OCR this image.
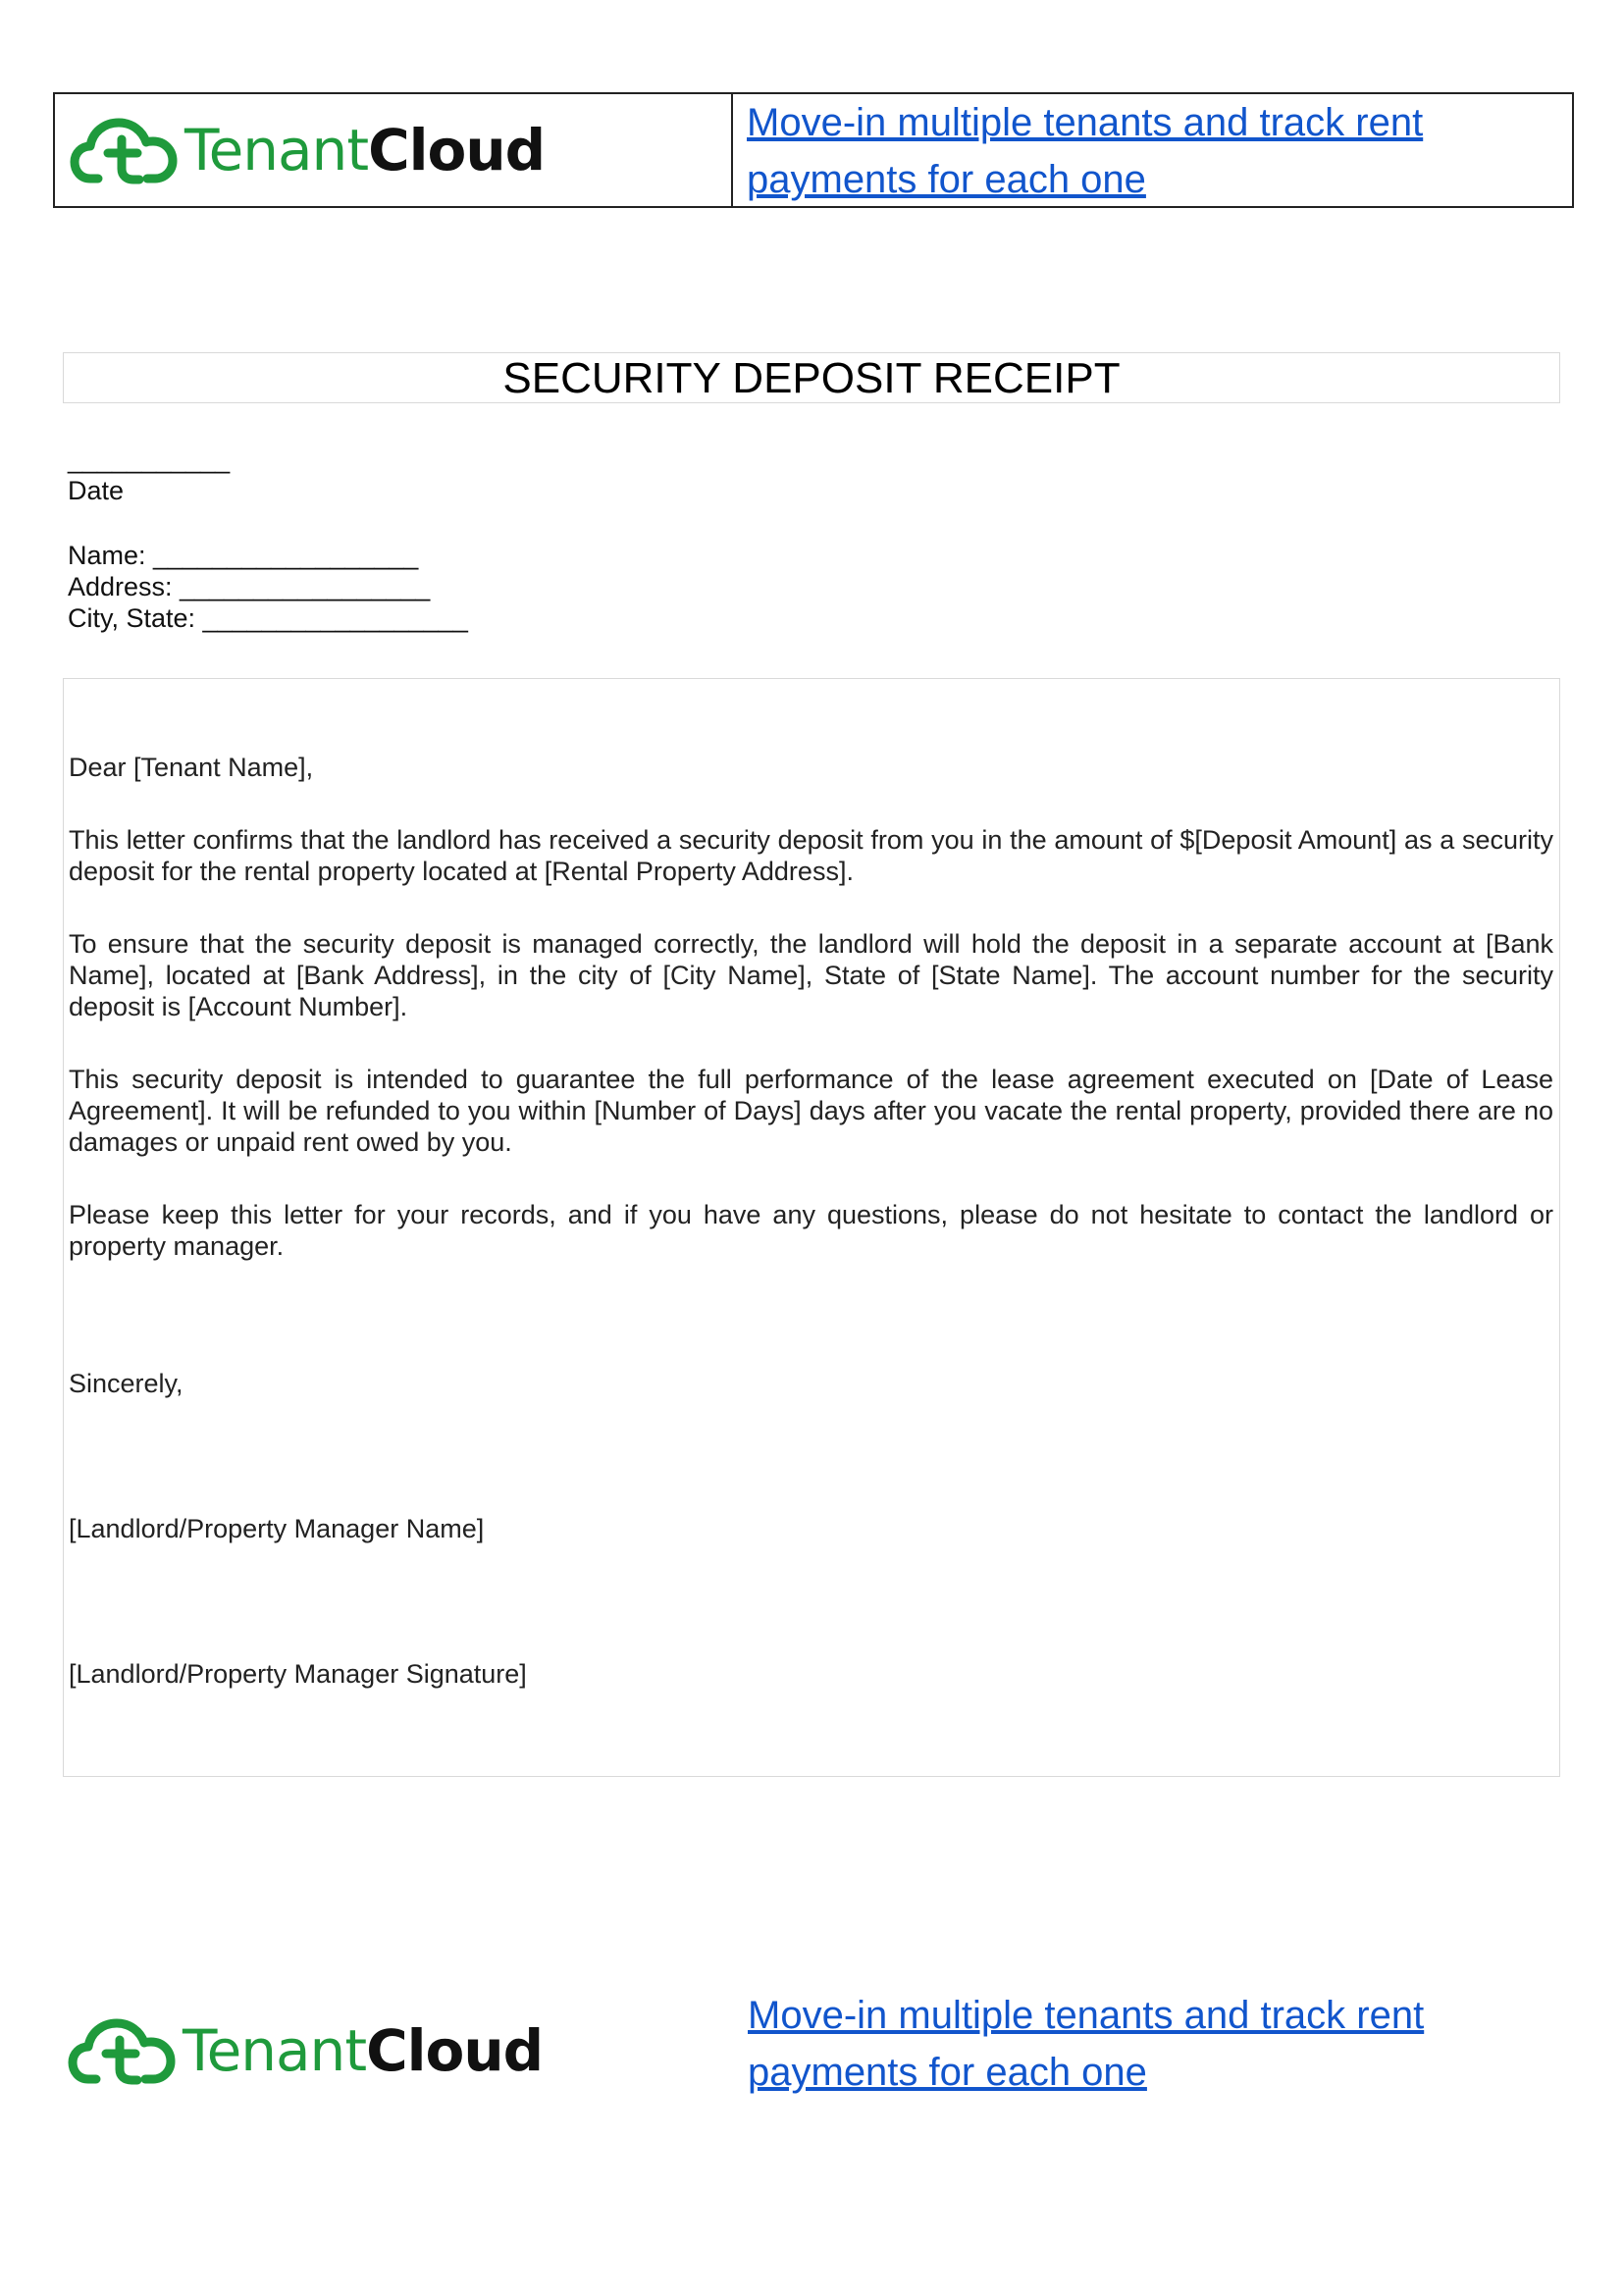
TenantCloud	Move-in multiple tenants and track rent
payments for each one
SECURITY DEPOSIT RECEIPT
___________
Date
Name: __________________
Address: _________________
City, State: __________________

Dear [Tenant Name],

This letter confirms that the landlord has received a security deposit from you in the amount of $[Deposit Amount] as a security deposit for the rental property located at [Rental Property Address].

To ensure that the security deposit is managed correctly, the landlord will hold the deposit in a separate account at [Bank Name], located at [Bank Address], in the city of [City Name], State of [State Name]. The account number for the security deposit is [Account Number].

This security deposit is intended to guarantee the full performance of the lease agreement executed on [Date of Lease Agreement]. It will be refunded to you within [Number of Days] days after you vacate the rental property, provided there are no damages or unpaid rent owed by you.

Please keep this letter for your records, and if you have any questions, please do not hesitate to contact the landlord or property manager.

Sincerely,

[Landlord/Property Manager Name]

[Landlord/Property Manager Signature]

TenantCloud
Move-in multiple tenants and track rent
payments for each one
